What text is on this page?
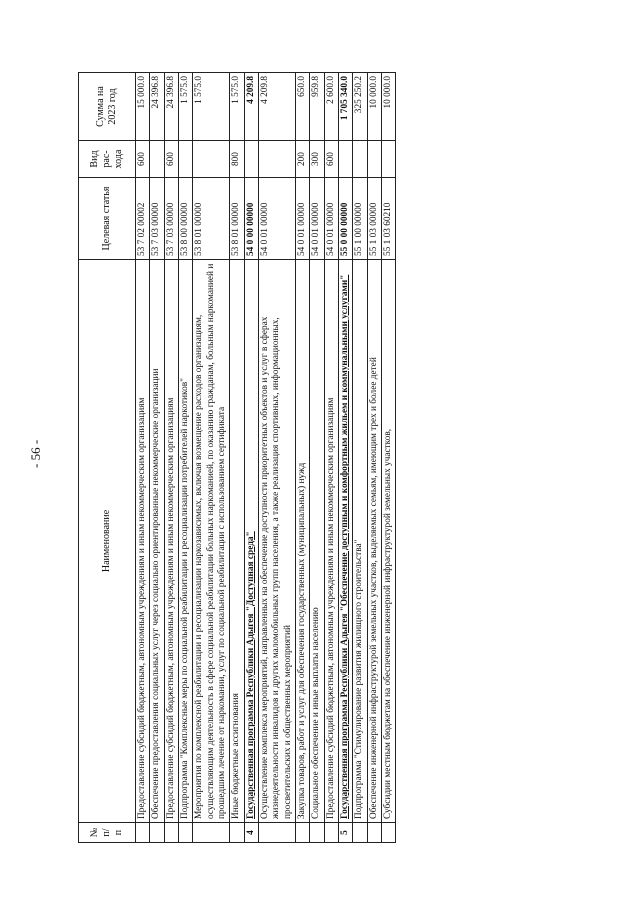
- 56 -
№ п/п	Наименование	Целевая статья	Вид рас-хода	Сумма на 2023 год
	Предоставление субсидий бюджетным, автономным учреждениям и иным некоммерческим организациям	53 7 02 00002	600	15 000.0
	Обеспечение предоставления социальных услуг через социально ориентированные некоммерческие организации	53 7 03 00000		24 396.8
	Предоставление субсидий бюджетным, автономным учреждениям и иным некоммерческим организациям	53 7 03 00000	600	24 396.8
	Подпрограмма "Комплексные меры по социальной реабилитации и ресоциализации потребителей наркотиков"	53 8 00 00000		1 575.0
	Мероприятия по комплексной реабилитации и ресоциализации наркозависимых, включая возмещение расходов организациям, осуществляющим деятельность в сфере социальной реабилитации больных наркоманией, по оказанию гражданам, больным наркоманией и прошедшим лечение от наркомании, услуг по социальной реабилитации с использованием сертификата	53 8 01 00000		1 575.0
	Иные бюджетные ассигнования	53 8 01 00000	800	1 575.0
4	Государственная программа Республики Адыгея "Доступная среда"	54 0 00 00000		4 209.8
	Осуществление комплекса мероприятий, направленных на обеспечение доступности приоритетных объектов и услуг в сферах жизнедеятельности инвалидов и других маломобильных групп населения, а также реализация спортивных, информационных, просветительских и общественных мероприятий	54 0 01 00000		4 209.8
	Закупка товаров, работ и услуг для обеспечения государственных (муниципальных) нужд	54 0 01 00000	200	650.0
	Социальное обеспечение и иные выплаты населению	54 0 01 00000	300	959.8
	Предоставление субсидий бюджетным, автономным учреждениям и иным некоммерческим организациям	54 0 01 00000	600	2 600.0
5	Государственная программа Республики Адыгея "Обеспечение доступным и комфортным жильем и коммунальными услугами"	55 0 00 00000		1 705 340.0
	Подпрограмма "Стимулирование развития жилищного строительства"	55 1 00 00000		325 250.2
	Обеспечение инженерной инфраструктурой земельных участков, выделяемых семьям, имеющим трех и более детей	55 1 03 00000		10 000.0
	Субсидии местным бюджетам на обеспечение инженерной инфраструктурой земельных участков,	55 1 03 60210		10 000.0
